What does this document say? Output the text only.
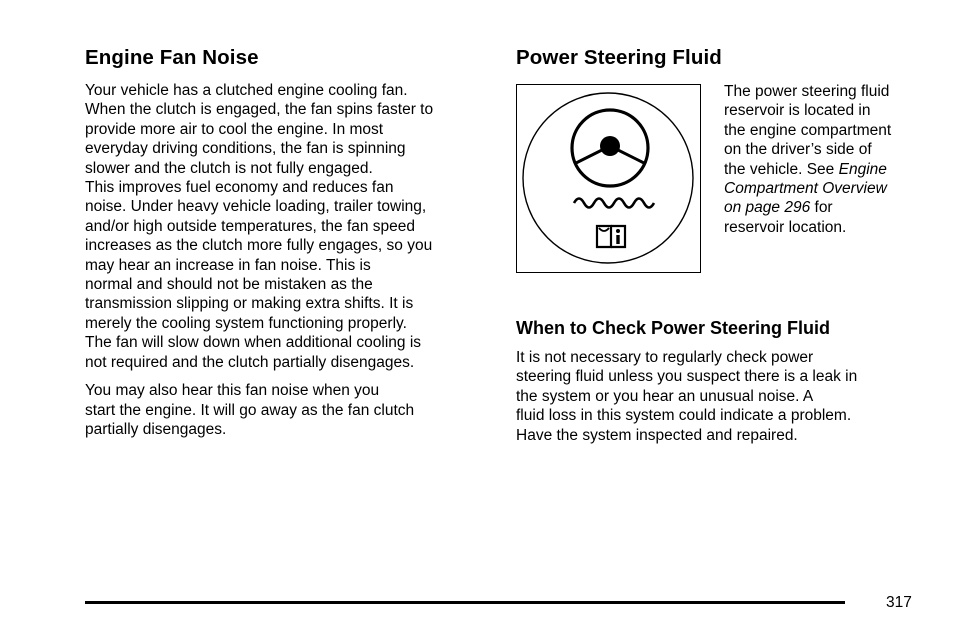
Engine Fan Noise

Your vehicle has a clutched engine cooling fan.
When the clutch is engaged, the fan spins faster to
provide more air to cool the engine. In most
everyday driving conditions, the fan is spinning
slower and the clutch is not fully engaged.
This improves fuel economy and reduces fan
noise. Under heavy vehicle loading, trailer towing,
and/or high outside temperatures, the fan speed
increases as the clutch more fully engages, so you
may hear an increase in fan noise. This is
normal and should not be mistaken as the
transmission slipping or making extra shifts. It is
merely the cooling system functioning properly.
The fan will slow down when additional cooling is
not required and the clutch partially disengages.

You may also hear this fan noise when you
start the engine. It will go away as the fan clutch
partially disengages.

Power Steering Fluid

The power steering fluid
reservoir is located in
the engine compartment
on the driver’s side of
the vehicle. See Engine
Compartment Overview
on page 296 for
reservoir location.

When to Check Power Steering Fluid

It is not necessary to regularly check power
steering fluid unless you suspect there is a leak in
the system or you hear an unusual noise. A
fluid loss in this system could indicate a problem.
Have the system inspected and repaired.

317
